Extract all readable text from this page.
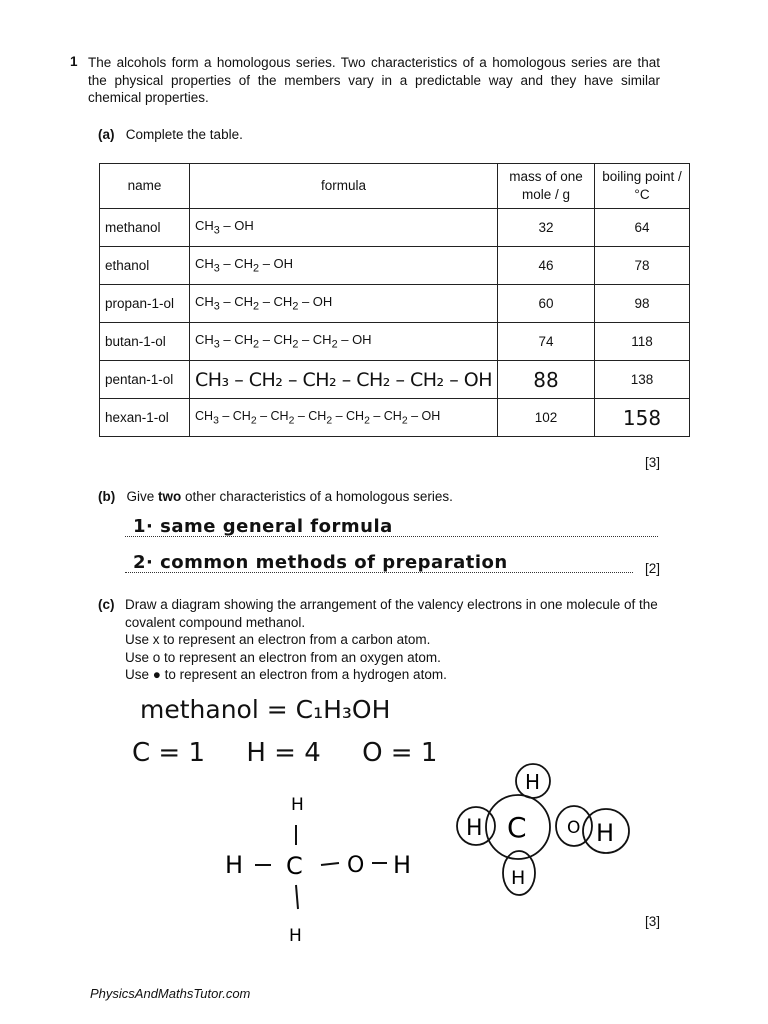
1 The alcohols form a homologous series. Two characteristics of a homologous series are that the physical properties of the members vary in a predictable way and they have similar chemical properties.
(a) Complete the table.
name	formula	mass of one mole / g	boiling point / °C
methanol	$CH_3$ – OH	32	64
ethanol	$CH_3 - CH_2$ – OH	46	78
propan-1-ol	$CH_3 - CH_2 - CH_2$ – OH	60	98
butan-1-ol	$CH_3 - CH_2 - CH_2 - CH_2$ – OH	74	118
pentan-1-ol	CH₃ – CH₂ – CH₂ – CH₂ – CH₂ – OH	88	138
hexan-1-ol	$CH_3 - CH_2 - CH_2 - CH_2 - CH_2 - CH_2$ – OH	102	158
[3]
(b) Give two other characteristics of a homologous series.
1· same general formula
2· common methods of preparation	[2]
(c) Draw a diagram showing the arrangement of the valency electrons in one molecule of the covalent compound methanol.
Use x to represent an electron from a carbon atom.
Use o to represent an electron from an oxygen atom.
Use ● to represent an electron from a hydrogen atom.
methanol = C₁H₃OH
C = 1     H = 4     O = 1
H
H C O H
H
H
C
H	O H
H
[3]
PhysicsAndMathsTutor.com
